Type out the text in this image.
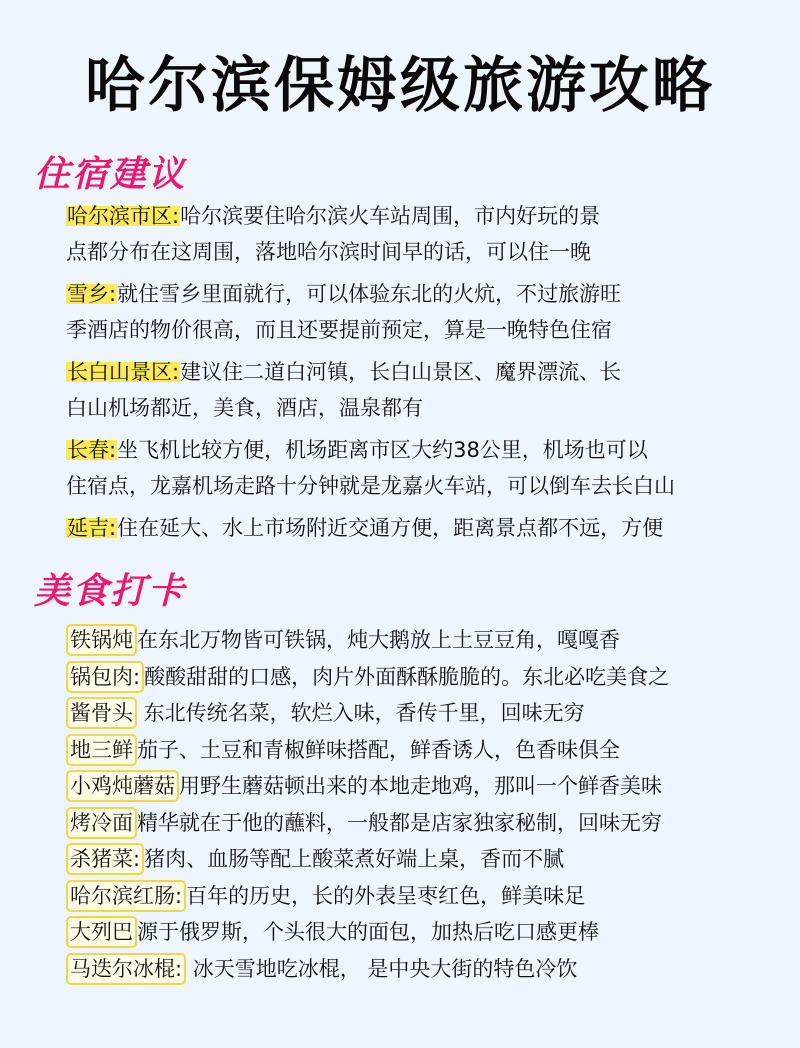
哈尔滨保姆级旅游攻略
住宿建议
哈尔滨市区:哈尔滨要住哈尔滨火车站周围，市内好玩的景
点都分布在这周围，落地哈尔滨时间早的话，可以住一晚
雪乡:就住雪乡里面就行，可以体验东北的火炕，不过旅游旺
季酒店的物价很高，而且还要提前预定，算是一晚特色住宿
长白山景区:建议住二道白河镇，长白山景区、魔界漂流、长
白山机场都近，美食，酒店，温泉都有
长春:坐飞机比较方便，机场距离市区大约38公里，机场也可以
住宿点，龙嘉机场走路十分钟就是龙嘉火车站，可以倒车去长白山
延吉:住在延大、水上市场附近交通方便，距离景点都不远，方便
美食打卡
铁锅炖 在东北万物皆可铁锅，炖大鹅放上土豆豆角，嘎嘎香
锅包肉: 酸酸甜甜的口感，肉片外面酥酥脆脆的。东北必吃美食之
酱骨头 东北传统名菜，软烂入味，香传千里，回味无穷
地三鲜 茄子、土豆和青椒鲜味搭配，鲜香诱人，色香味俱全
小鸡炖蘑菇 用野生蘑菇顿出来的本地走地鸡，那叫一个鲜香美味
烤冷面 精华就在于他的蘸料，一般都是店家独家秘制，回味无穷
杀猪菜: 猪肉、血肠等配上酸菜煮好端上桌，香而不腻
哈尔滨红肠: 百年的历史，长的外表呈枣红色，鲜美味足
大列巴 源于俄罗斯，个头很大的面包，加热后吃口感更棒
马迭尔冰棍: 冰天雪地吃冰棍， 是中央大街的特色冷饮
